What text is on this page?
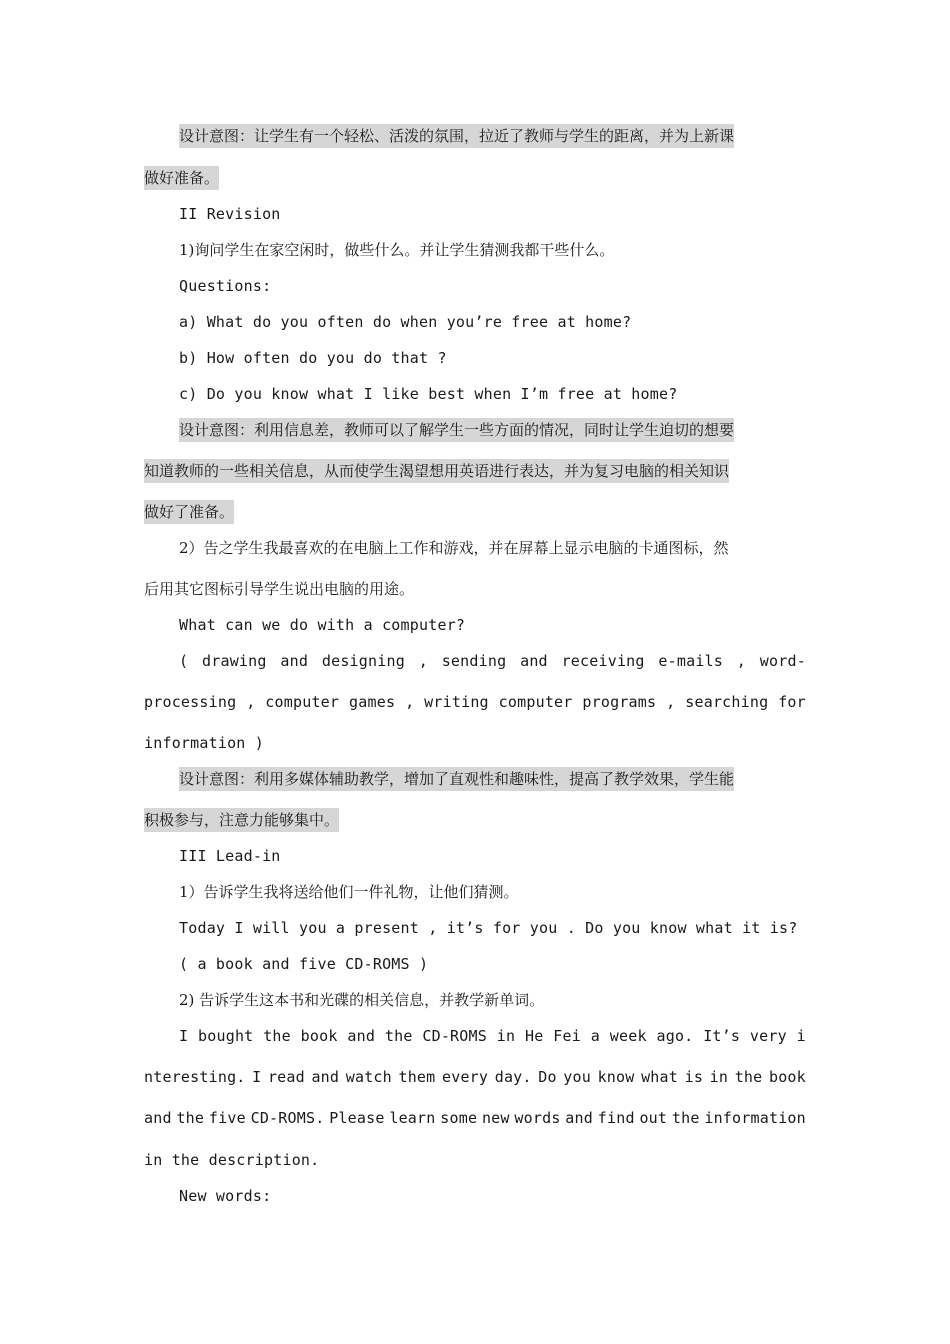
设计意图：让学生有一个轻松、活泼的氛围，拉近了教师与学生的距离，并为上新课
做好准备。
II Revision
1)询问学生在家空闲时，做些什么。并让学生猜测我都干些什么。
Questions:
a) What do you often do when you’re free at home?
b) How often do you do that ?
c) Do you know what I like best when I’m free at home?
设计意图：利用信息差，教师可以了解学生一些方面的情况，同时让学生迫切的想要
知道教师的一些相关信息，从而使学生渴望想用英语进行表达，并为复习电脑的相关知识
做好了准备。
2）告之学生我最喜欢的在电脑上工作和游戏，并在屏幕上显示电脑的卡通图标，然
后用其它图标引导学生说出电脑的用途。
What can we do with a computer?
( drawing and designing , sending and receiving e-mails , word-
processing , computer games , writing computer programs , searching for
information )
设计意图：利用多媒体辅助教学，增加了直观性和趣味性，提高了教学效果，学生能
积极参与，注意力能够集中。
III Lead-in
1）告诉学生我将送给他们一件礼物，让他们猜测。
Today I will you a present , it’s for you . Do you know what it is?
( a book and five CD-ROMS )
2) 告诉学生这本书和光碟的相关信息，并教学新单词。
I bought the book and the CD-ROMS in He Fei a week ago. It’s very i
nteresting. I read and watch them every day. Do you know what is in the book
and the five CD-ROMS. Please learn some new words and find out the information
in the description.
New words:
